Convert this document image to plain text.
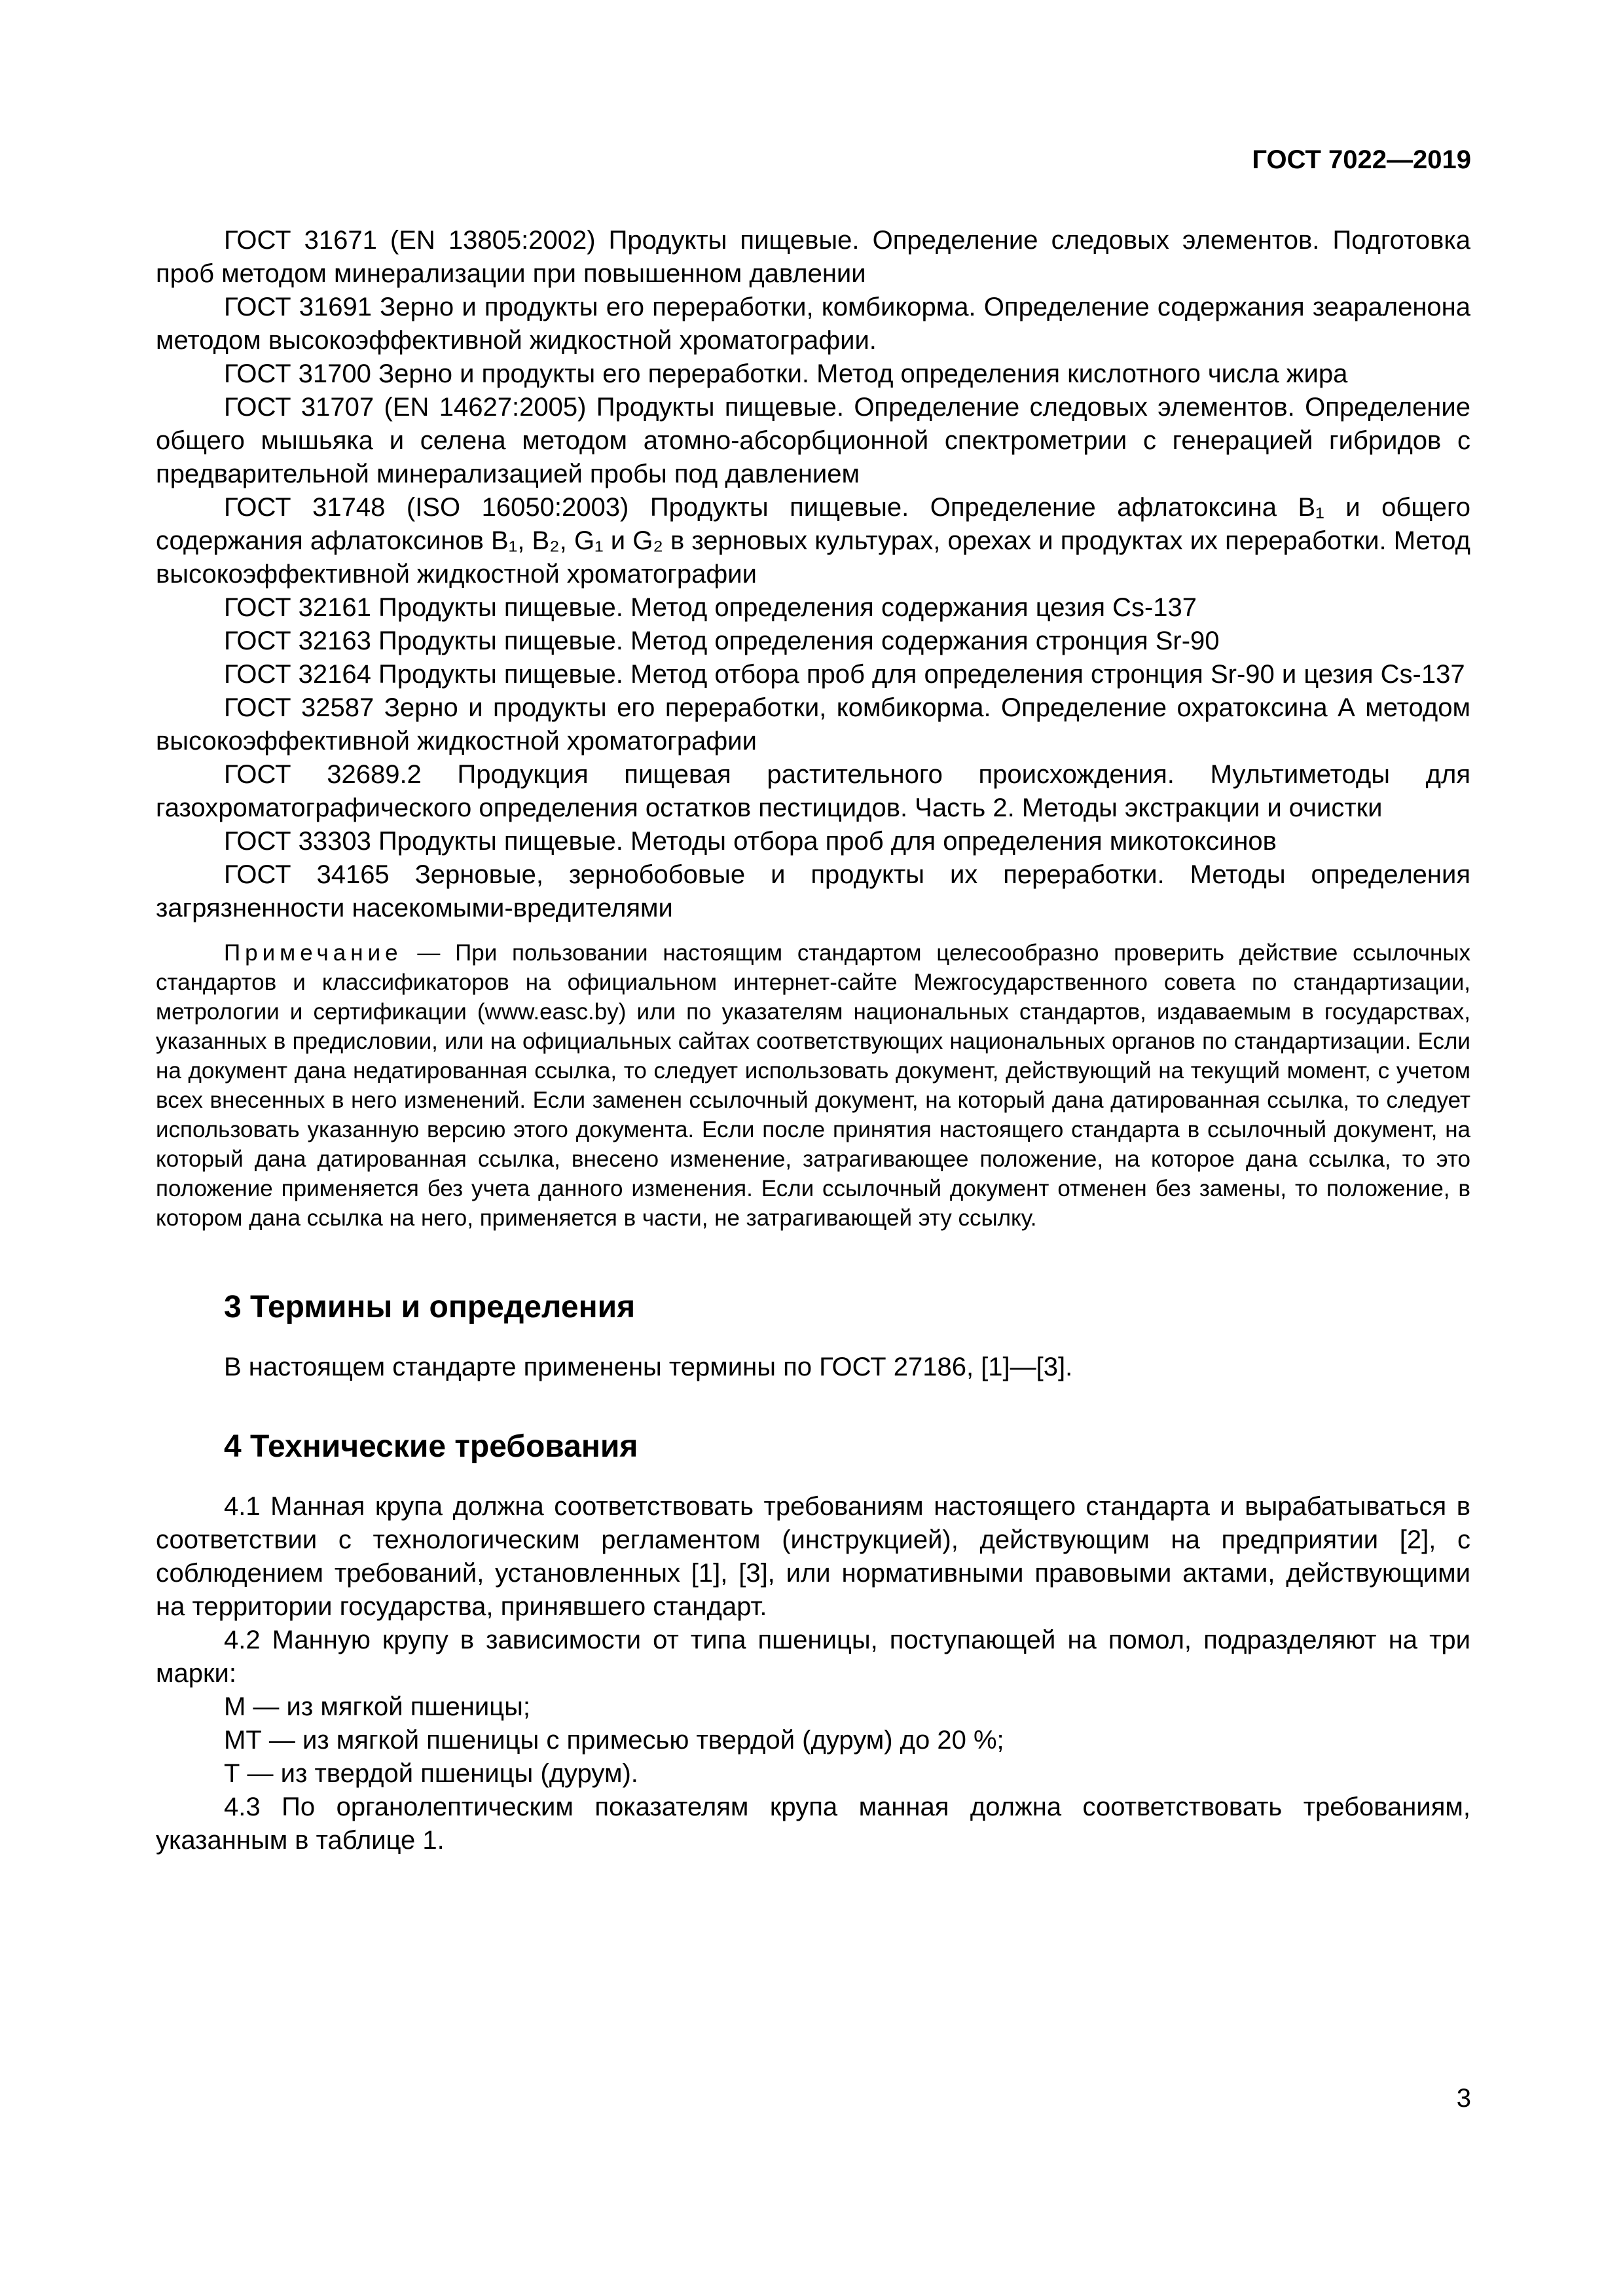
ГОСТ 7022—2019

ГОСТ 31671 (EN 13805:2002) Продукты пищевые. Определение следовых элементов. Подготовка проб методом минерализации при повышенном давлении

ГОСТ 31691 Зерно и продукты его переработки, комбикорма. Определение содержания зеараленона методом высокоэффективной жидкостной хроматографии.

ГОСТ 31700 Зерно и продукты его переработки. Метод определения кислотного числа жира

ГОСТ 31707 (EN 14627:2005) Продукты пищевые. Определение следовых элементов. Определение общего мышьяка и селена методом атомно-абсорбционной спектрометрии с генерацией гибридов с предварительной минерализацией пробы под давлением

ГОСТ 31748 (ISO 16050:2003) Продукты пищевые. Определение афлатоксина B₁ и общего содержания афлатоксинов B₁, B₂, G₁ и G₂ в зерновых культурах, орехах и продуктах их переработки. Метод высокоэффективной жидкостной хроматографии

ГОСТ 32161 Продукты пищевые. Метод определения содержания цезия Cs-137

ГОСТ 32163 Продукты пищевые. Метод определения содержания стронция Sr-90

ГОСТ 32164 Продукты пищевые. Метод отбора проб для определения стронция Sr-90 и цезия Cs-137

ГОСТ 32587 Зерно и продукты его переработки, комбикорма. Определение охратоксина А методом высокоэффективной жидкостной хроматографии

ГОСТ 32689.2 Продукция пищевая растительного происхождения. Мультиметоды для газохроматографического определения остатков пестицидов. Часть 2. Методы экстракции и очистки

ГОСТ 33303 Продукты пищевые. Методы отбора проб для определения микотоксинов

ГОСТ 34165 Зерновые, зернобобовые и продукты их переработки. Методы определения загрязненности насекомыми-вредителями

Примечание — При пользовании настоящим стандартом целесообразно проверить действие ссылочных стандартов и классификаторов на официальном интернет-сайте Межгосударственного совета по стандартизации, метрологии и сертификации (www.easc.by) или по указателям национальных стандартов, издаваемым в государствах, указанных в предисловии, или на официальных сайтах соответствующих национальных органов по стандартизации. Если на документ дана недатированная ссылка, то следует использовать документ, действующий на текущий момент, с учетом всех внесенных в него изменений. Если заменен ссылочный документ, на который дана датированная ссылка, то следует использовать указанную версию этого документа. Если после принятия настоящего стандарта в ссылочный документ, на который дана датированная ссылка, внесено изменение, затрагивающее положение, на которое дана ссылка, то это положение применяется без учета данного изменения. Если ссылочный документ отменен без замены, то положение, в котором дана ссылка на него, применяется в части, не затрагивающей эту ссылку.

3 Термины и определения

В настоящем стандарте применены термины по ГОСТ 27186, [1]—[3].

4 Технические требования

4.1 Манная крупа должна соответствовать требованиям настоящего стандарта и вырабатываться в соответствии с технологическим регламентом (инструкцией), действующим на предприятии [2], с соблюдением требований, установленных [1], [3], или нормативными правовыми актами, действующими на территории государства, принявшего стандарт.

4.2 Манную крупу в зависимости от типа пшеницы, поступающей на помол, подразделяют на три марки:

М — из мягкой пшеницы;

МТ — из мягкой пшеницы с примесью твердой (дурум) до 20 %;

Т — из твердой пшеницы (дурум).

4.3 По органолептическим показателям крупа манная должна соответствовать требованиям, указанным в таблице 1.

3
